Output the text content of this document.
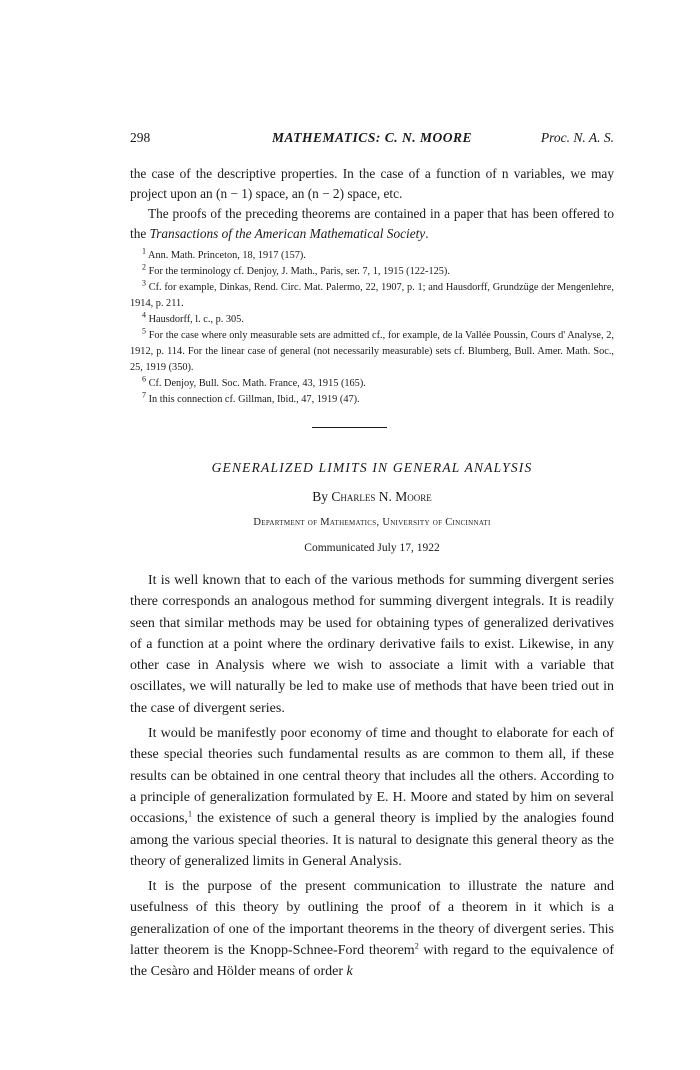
298	MATHEMATICS: C. N. MOORE	Proc. N. A. S.

the case of the descriptive properties. In the case of a function of n variables, we may project upon an (n − 1) space, an (n − 2) space, etc.

The proofs of the preceding theorems are contained in a paper that has been offered to the Transactions of the American Mathematical Society.

$^1$ Ann. Math. Princeton, 18, 1917 (157).

$^2$ For the terminology cf. Denjoy, J. Math., Paris, ser. 7, 1, 1915 (122-125).

$^3$ Cf. for example, Dinkas, Rend. Circ. Mat. Palermo, 22, 1907, p. 1; and Hausdorff, Grundzüge der Mengenlehre, 1914, p. 211.

$^4$ Hausdorff, l. c., p. 305.

$^5$ For the case where only measurable sets are admitted cf., for example, de la Vallée Poussin, Cours d' Analyse, 2, 1912, p. 114. For the linear case of general (not necessarily measurable) sets cf. Blumberg, Bull. Amer. Math. Soc., 25, 1919 (350).

$^6$ Cf. Denjoy, Bull. Soc. Math. France, 43, 1915 (165).

$^7$ In this connection cf. Gillman, Ibid., 47, 1919 (47).

GENERALIZED LIMITS IN GENERAL ANALYSIS
By Charles N. Moore
Department of Mathematics, University of Cincinnati
Communicated July 17, 1922

It is well known that to each of the various methods for summing divergent series there corresponds an analogous method for summing divergent integrals. It is readily seen that similar methods may be used for obtaining types of generalized derivatives of a function at a point where the ordinary derivative fails to exist. Likewise, in any other case in Analysis where we wish to associate a limit with a variable that oscillates, we will naturally be led to make use of methods that have been tried out in the case of divergent series.

It would be manifestly poor economy of time and thought to elaborate for each of these special theories such fundamental results as are common to them all, if these results can be obtained in one central theory that includes all the others. According to a principle of generalization formulated by E. H. Moore and stated by him on several occasions,$^1$ the existence of such a general theory is implied by the analogies found among the various special theories. It is natural to designate this general theory as the theory of generalized limits in General Analysis.

It is the purpose of the present communication to illustrate the nature and usefulness of this theory by outlining the proof of a theorem in it which is a generalization of one of the important theorems in the theory of divergent series. This latter theorem is the Knopp-Schnee-Ford theorem$^2$ with regard to the equivalence of the Cesàro and Hölder means of order k
